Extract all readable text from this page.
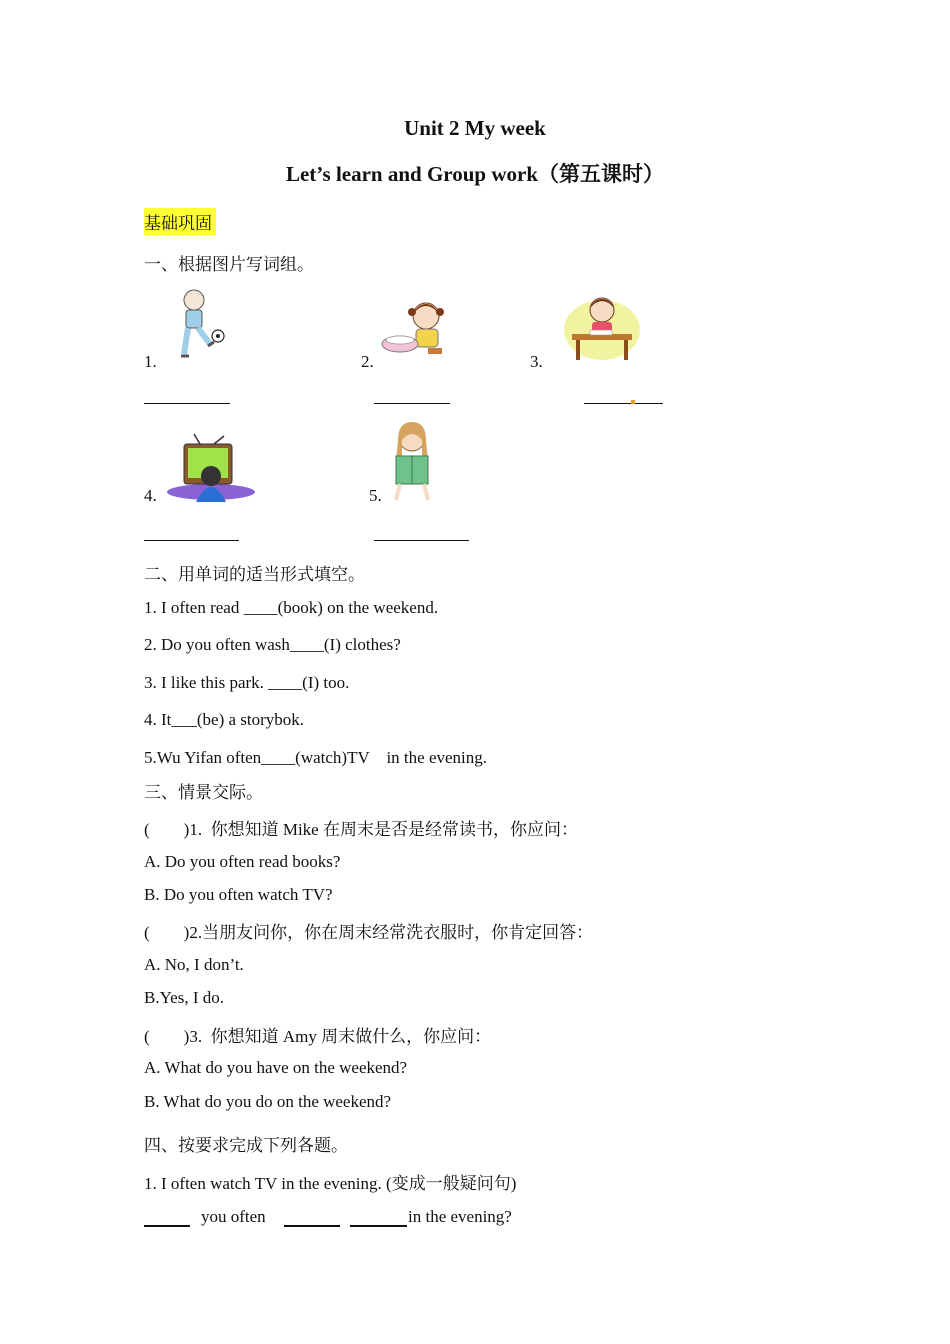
Unit 2 My week
Let’s learn and Group work（第五课时）
基础巩固
一、根据图片写词组。
1.	2.	3.
4.	5.
二、用单词的适当形式填空。
1. I often read ____(book) on the weekend.
2. Do you often wash____(I) clothes?
3. I like this park. ____(I) too.
4. It___(be) a storybok.
5.Wu Yifan often____(watch)TV    in the evening.
三、情景交际。
(        )1.  你想知道 Mike 在周末是否是经常读书，你应问：
A. Do you often read books?
B. Do you often watch TV?
(        )2.当朋友问你，你在周末经常洗衣服时，你肯定回答：
A. No, I don’t.
B.Yes, I do.
(        )3.  你想知道 Amy 周末做什么，你应问：
A. What do you have on the weekend?
B. What do you do on the weekend?
四、按要求完成下列各题。
1. I often watch TV in the evening. (变成一般疑问句)
you often	in the evening?
